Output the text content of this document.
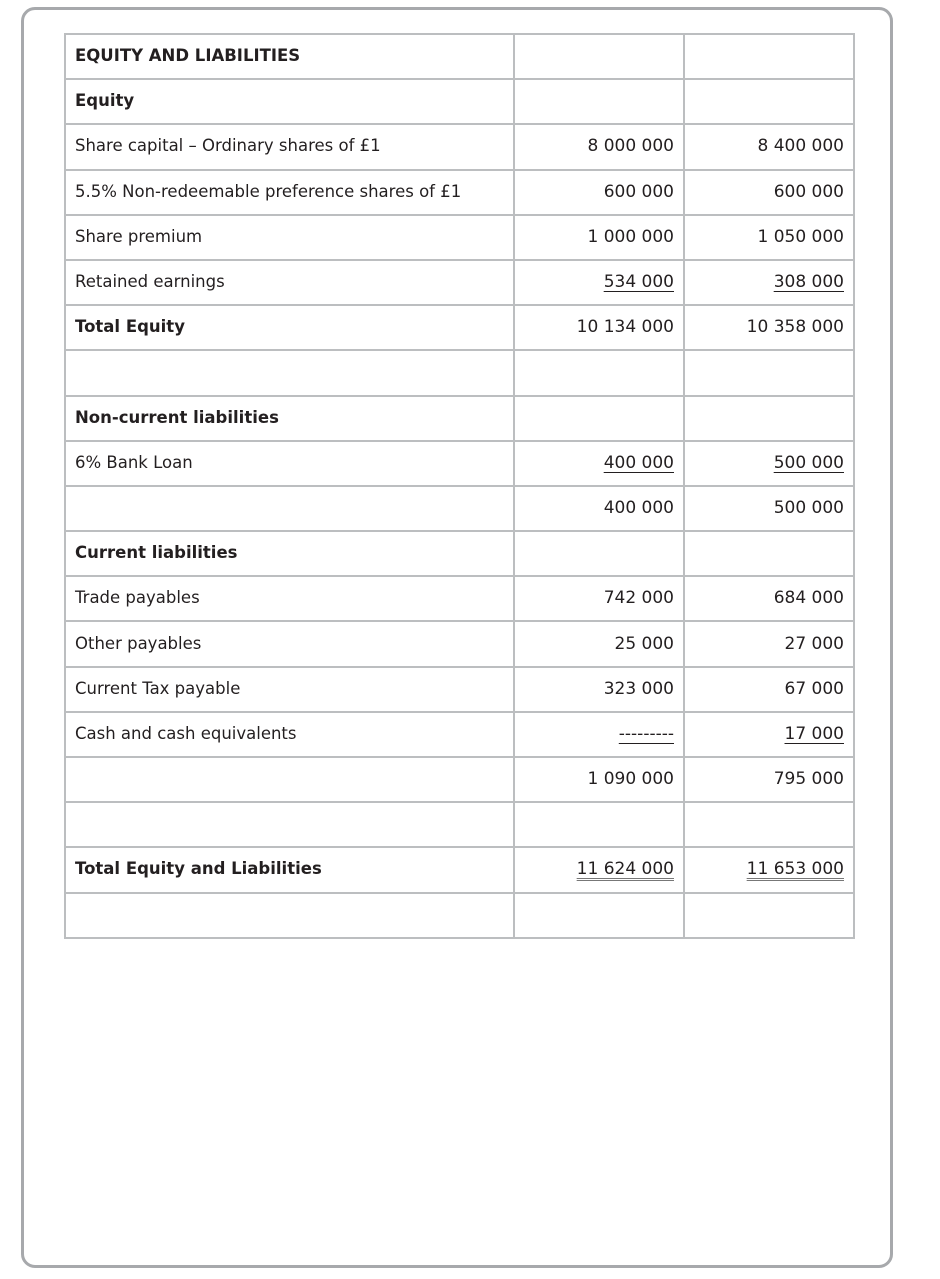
EQUITY AND LIABILITIES		
Equity		
Share capital – Ordinary shares of £1	8 000 000	8 400 000
5.5% Non-redeemable preference shares of £1	600 000	600 000
Share premium	1 000 000	1 050 000
Retained earnings	534 000	308 000
Total Equity	10 134 000	10 358 000

Non-current liabilities		
6% Bank Loan	400 000	500 000
	400 000	500 000
Current liabilities		
Trade payables	742 000	684 000
Other payables	25 000	27 000
Current Tax payable	323 000	67 000
Cash and cash equivalents	---------	17 000
	1 090 000	795 000

Total Equity and Liabilities	11 624 000	11 653 000
